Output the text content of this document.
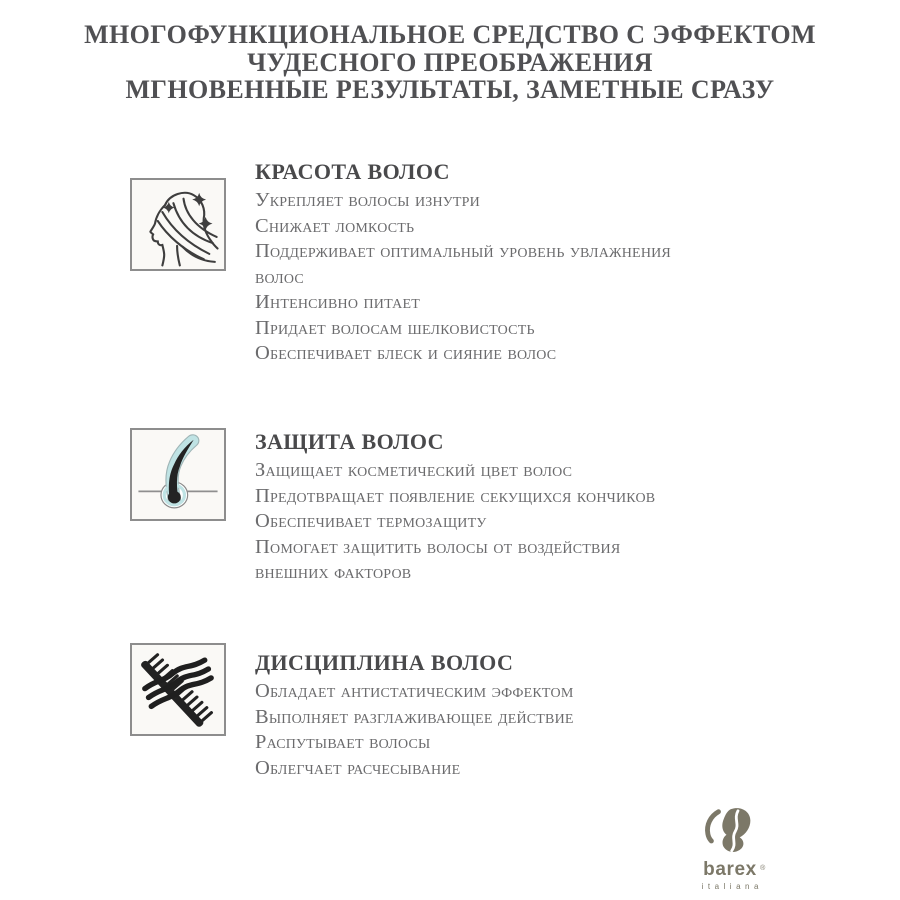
МНОГОФУНКЦИОНАЛЬНОЕ СРЕДСТВО С ЭФФЕКТОМ
ЧУДЕСНОГО ПРЕОБРАЖЕНИЯ
МГНОВЕННЫЕ РЕЗУЛЬТАТЫ, ЗАМЕТНЫЕ СРАЗУ
КРАСОТА ВОЛОС
Укрепляет волосы изнутри
Снижает ломкость
Поддерживает оптимальный уровень увлажнения
волос
Интенсивно питает
Придает волосам шелковистость
Обеспечивает блеск и сияние волос
ЗАЩИТА ВОЛОС
Защищает косметический цвет волос
Предотвращает появление секущихся кончиков
Обеспечивает термозащиту
Помогает защитить волосы от воздействия
внешних факторов
ДИСЦИПЛИНА ВОЛОС
Обладает антистатическим эффектом
Выполняет разглаживающее действие
Распутывает волосы
Облегчает расчесывание
barex ®
italiana
